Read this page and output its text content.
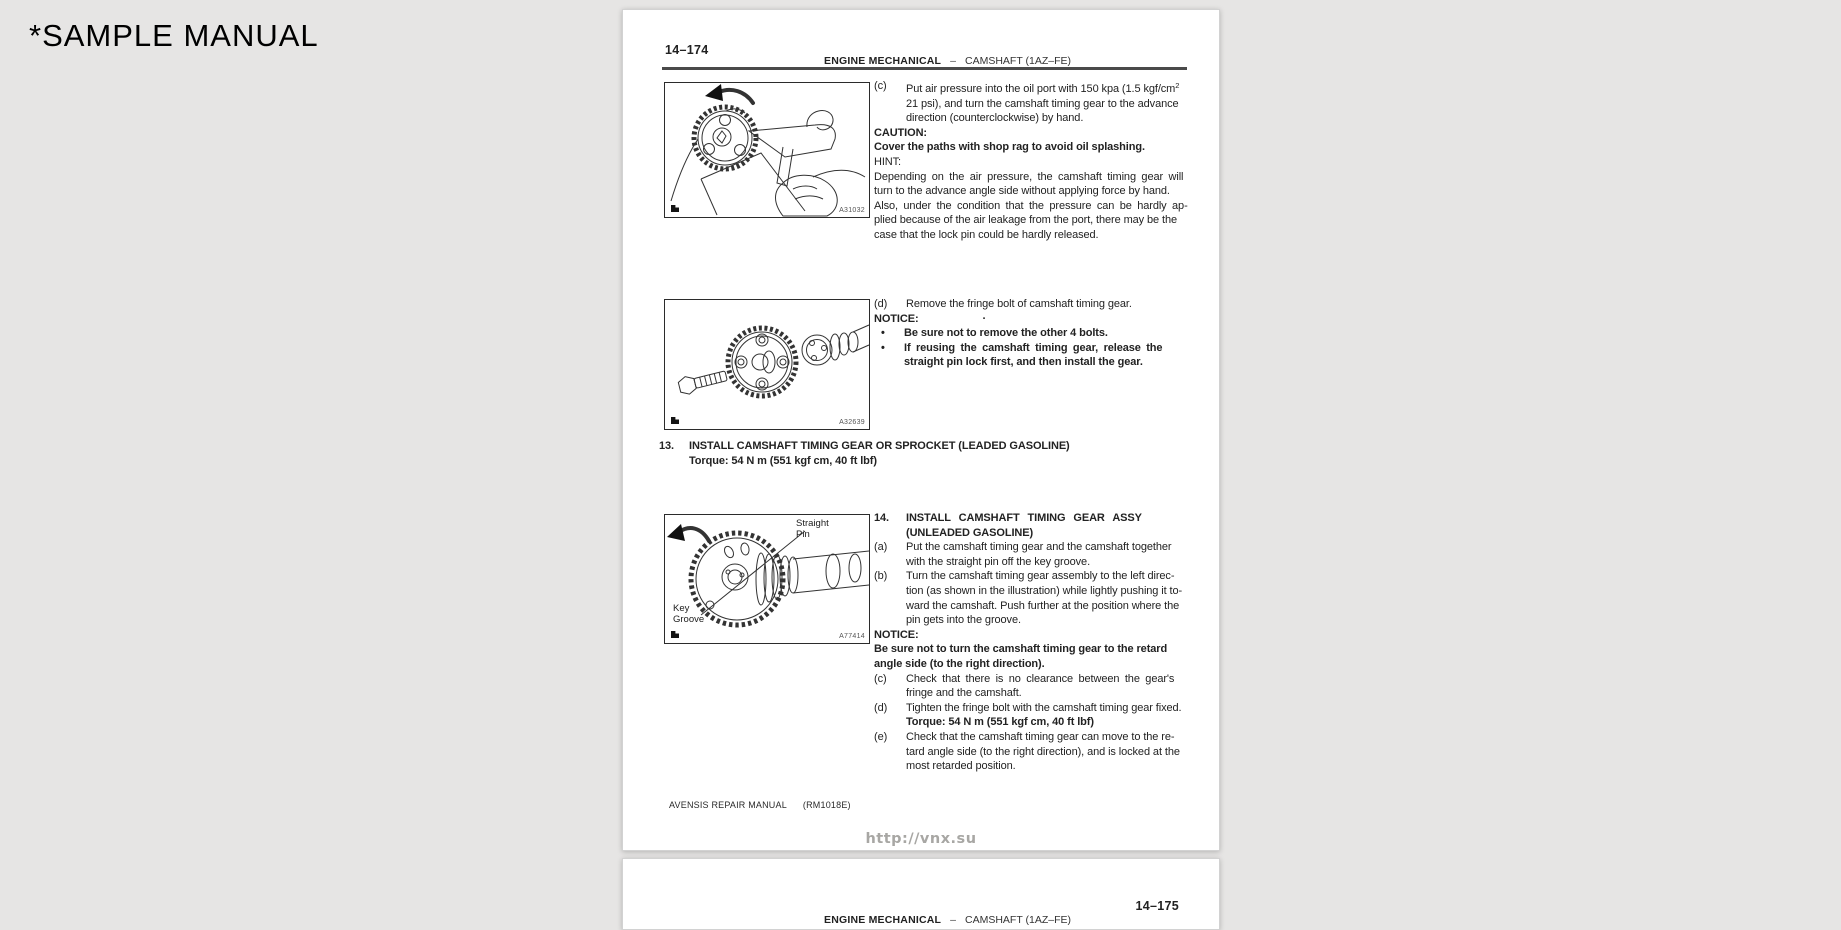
*SAMPLE MANUAL	14–174
ENGINE MECHANICAL – CAMSHAFT (1AZ–FE)
A31032
A32639
Straight
Pin
Key
Groove
A77414
(c) Put air pressure into the oil port with 150 kpa (1.5 kgf/$cm^2$
21 psi), and turn the camshaft timing gear to the advance
direction (counterclockwise) by hand.
CAUTION:
Cover the paths with shop rag to avoid oil splashing.
HINT:
Depending on the air pressure, the camshaft timing gear will
turn to the advance angle side without applying force by hand.
Also, under the condition that the pressure can be hardly ap-
plied because of the air leakage from the port, there may be the
case that the lock pin could be hardly released.
(d) Remove the fringe bolt of camshaft timing gear.
NOTICE:	·
• Be sure not to remove the other 4 bolts.
• If reusing the camshaft timing gear, release the
straight pin lock first, and then install the gear.
13. INSTALL CAMSHAFT TIMING GEAR OR SPROCKET (LEADED GASOLINE)
Torque: 54 N m (551 kgf cm, 40 ft lbf)
14. INSTALL CAMSHAFT TIMING GEAR ASSY
(UNLEADED GASOLINE)
(a) Put the camshaft timing gear and the camshaft together
with the straight pin off the key groove.
(b) Turn the camshaft timing gear assembly to the left direc-
tion (as shown in the illustration) while lightly pushing it to-
ward the camshaft. Push further at the position where the
pin gets into the groove.
NOTICE:
Be sure not to turn the camshaft timing gear to the retard
angle side (to the right direction).
(c) Check that there is no clearance between the gear's
fringe and the camshaft.
(d) Tighten the fringe bolt with the camshaft timing gear fixed.
Torque: 54 N m (551 kgf cm, 40 ft lbf)
(e) Check that the camshaft timing gear can move to the re-
tard angle side (to the right direction), and is locked at the
most retarded position.
AVENSIS REPAIR MANUAL (RM1018E)
http://vnx.su
14–175
ENGINE MECHANICAL – CAMSHAFT (1AZ–FE)
